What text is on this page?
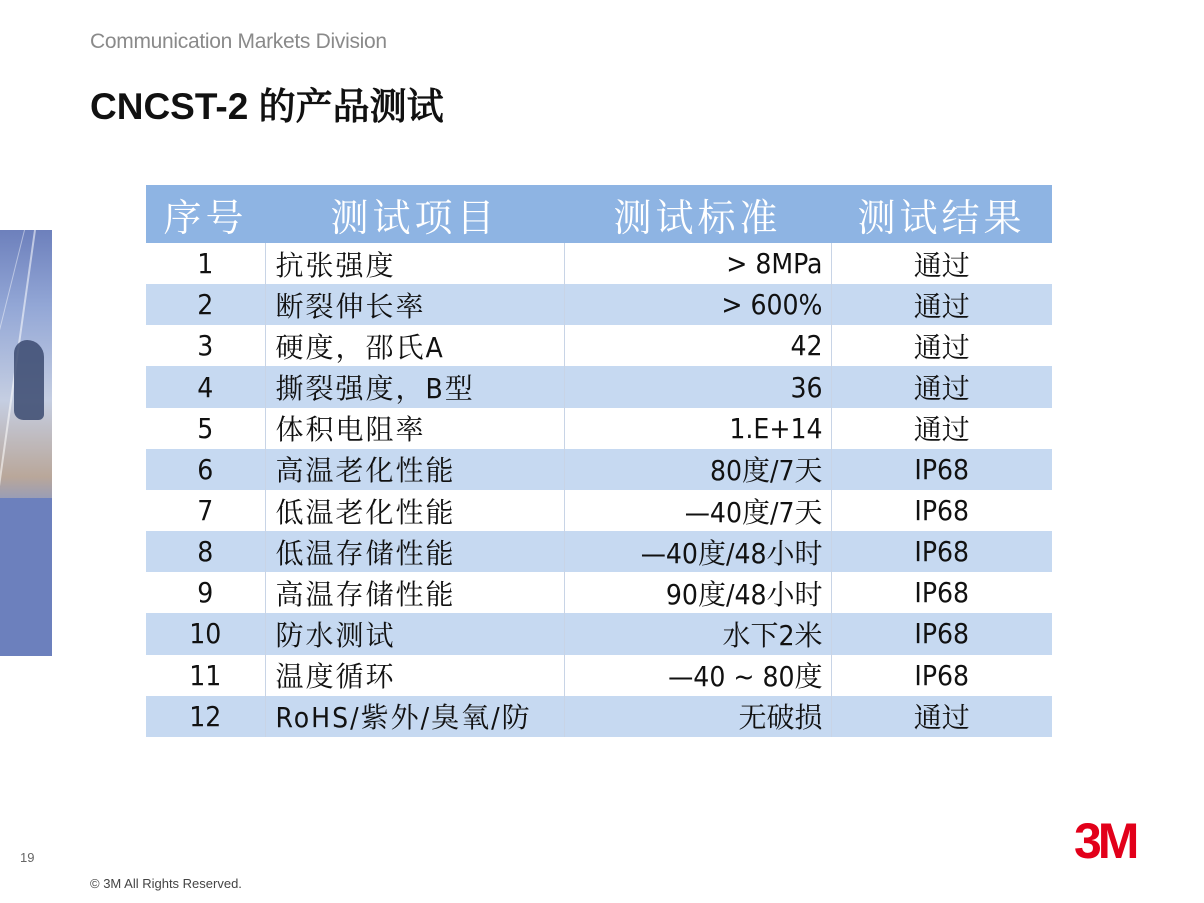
Communication Markets Division
CNCST-2 的产品测试
序号	测试项目	测试标准	测试结果
1	抗张强度	> 8MPa	通过
2	断裂伸长率	> 600%	通过
3	硬度，邵氏A	42	通过
4	撕裂强度，B型	36	通过
5	体积电阻率	1.E+14	通过
6	高温老化性能	80度/7天	IP68
7	低温老化性能	—40度/7天	IP68
8	低温存储性能	—40度/48小时	IP68
9	高温存储性能	90度/48小时	IP68
10	防水测试	水下2米	IP68
11	温度循环	—40 ~ 80度	IP68
12	RoHS/紫外/臭氧/防	无破损	通过
19
© 3M All Rights Reserved.
3M
